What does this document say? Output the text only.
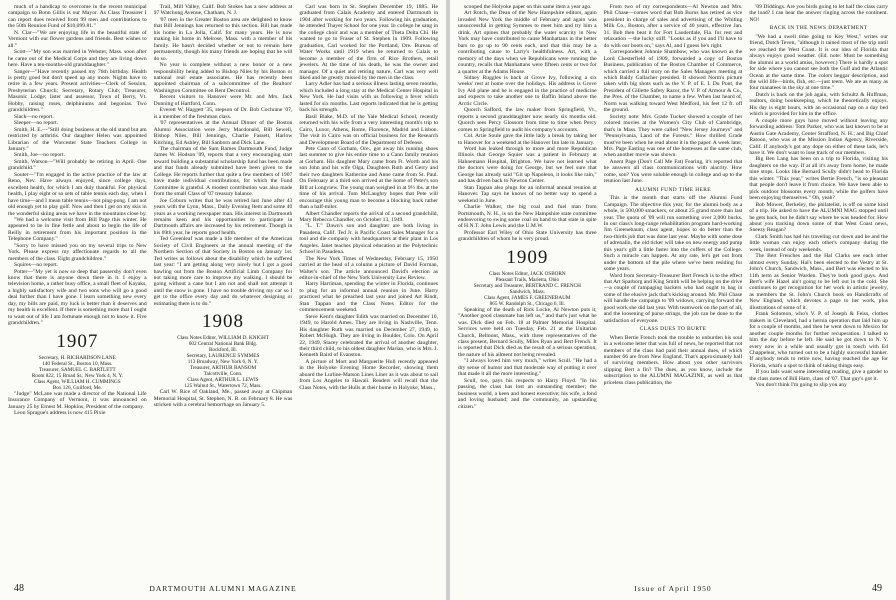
much of a handicap to overcome in the recent municipal campaign so Bonn Gillis is our Mayor. As Class Treasurer I can report dues received from 99 men and contributions to the 50th Reunion Fund of $10,099.81."

N. Clar—"We are enjoying life in the beautiful state of Vermont with our flower gardens and friends. Best wishes to all."

Scott—"My son was married in Webster, Mass. soon after he came out of the Medical Corps and they are living down here. Have a ten-months-old granddaughter."

Sanger—"Have recently passed my 76th birthday. Health is pretty good but don't speed up any more. Nights have to retire in a few years. Present activities—Clerk of Session, Presbyterian Church; Secretary, Rotary Club; Treasurer, Masonic Lodge; lister and assessor, Town of Berry, Vt. Hobby, raising roses, delphiniums and begonias. Two grandchildren."

Slack—no report.

Sleeper—no report.

Smith, H. E.—"Still doing business at the old stand but am restricted by arthritis. Our daughter Helen was appointed Librarian of the Worcester State Teachers College in January."

Smith, Joe—no report.

Smith, Watson—"Will probably be retiring in April. One grandchild."

Souter—"I'm engaged in the active practice of the law at Reno, Nev. Have always enjoyed, since college days, excellent health, for which I am duly thankful. For physical health, I play eight or so sets of table tennis each day, when I have time—and I mean table tennis—not ping-pong. I am not old enough yet to play golf. Now and then I get on my skis in the wonderful skiing areas we have in the mountains close by.

"We had a welcome visit from Bill Page this winter. He appeared to be in fine fettle and about to begin the life of Reilly in retirement from his important position in the Telephone Company."

"Sorry to have missed you on my several trips to New York. Please express my affectionate regards to all the members of the class. Eight grandchildren."

Squires—no report.

Potter—"My yet is now so deep that passersby don't even know that there is anyone down there in it. I enjoy a television home, a rather busy office, a small fleet of Kayaks, a highly satisfactory wife and two sons who will go a good deal further than I have gone. I learn something new every day, my bills are paid, my luck is better than it deserves and my health is excellent. If there is something more that I ought to want out of life I am fortunate enough not to know it. Five grandchildren."

1907

Secretary, H. RICHARDSON LANE

140 Federal St., Boston 10, Mass.

Treasurer, SAMUEL C. BARTLETT

Room 822, 15 Broad St., New York 4, N. Y.

Class Agent, WILLIAM H. CUMMINGS

Box 126, Guilford, Me.

"Judge" McLane was made a director of the National Life Insurance Company of Vermont, it was announced on January 25 by Ernest M. Hopkins, President of the company.

Leon Sprague's address is now 415 Pixie

Trail, Mill Valley, Calif. Bob Stokes has a new address at 97 Watchung Avenue, Chatham, N. J.

'07 men in the Greater Boston area are delighted to know that Bill Jennings has returned to this section. Bill has made his home in La Jolla, Calif. for many years. He is now making his home in Melrose, Mass. with a member of his family. He hasn't decided whether or not to remain here permanently, though his many friends are hoping that he will do so.

No year is complete without a new honor or a new responsibility being added to Bishop Niles by his Boston or national real estate associates. He has recently been appointed chairman of a subcommittee of the Realtors' Washington Committee on Rent Decontrol.

Recent visitors to Hanover were Mr. and Mrs. Jack Dunning of Hartford, Conn.

Everett W. Haggett '35, stepson of Dr. Bob Cochrane '07, is a member of the freshman class.

'07 representatives at the Annual Dinner of the Boston Alumni Association were Jerry Macdonald, Bill Sewell, Bishop Niles, Bill Jennings, Charlie Fassett, Harlow Kitching, Ed Ashley, Bill Sanborn and Dick Lane.

The chairman of the Sam Barnes Dartmouth Fund, Judge James W. Hodson '09, reports that a very encouraging start toward building a substantial scholarship fund has been made and that funds already submitted have been given to the College. He reports further that quite a few members of 1907 have made individual contributions, for which the Fund Committee is grateful. A modest contribution was also made from the small Class of '07 treasury balance.

Joe Coburn writes that he was retired last June after 43 years with the Lynn, Mass., Daily Evening Item and some 40 years as a working newspaper man. His interest in Dartmouth remains keen and his opportunities to participate in Dartmouth affairs are increased by his retirement. Though in his 69th year, he reports good health.

Ted Greenleaf was made a life member of the American Society of Civil Engineers at the annual meeting of the Northern Section of that Society in Boston on January 1st. Ted writes as follows about the disability which he suffered last year: "I am getting along very nicely but I got a good bawling out from the Boston Artificial Limb Company for not taking more care to improve my walking. I should be going without a cane but I am not and shall not attempt it until the snow is gone. I have no trouble driving my car so I get to the office every day and do whatever designing or estimating there is to do."

1908

Class Notes Editor, WILLIAM D. KNIGHT

602 Central National Bank Bldg.

Rockford, Ill.

Secretary, LAURENCE SYMMES

113 Broadway, New York 6, N. Y.

Treasurer, ARTHUR RANSOM

Talcottville, Conn.

Class Agent, ARTHUR L. LEWIS

125 Walnut St., Watertown 72, Mass.

Carl W. Rice of Oakland, Me., passed away at Chipman Memorial Hospital, St. Stephen, N. B. on February 8. He was stricken with a cerebral hemorrhage on January 5.

Carl was born in St. Stephen December 19, 1885. He graduated from Calais Academy and entered Dartmouth in 1904 after working for two years. Following his graduation, he attended Thayer School for one year. In college he sang in the college choir and was a member of Theta Delta Chi. He wanted to go to Fraser of St. Stephen in 1909. Following graduation, Carl worked for the Portland, Ore. Bureau of Water Works until 1919 when he returned to Calais to become a member of the firm of Rice Brothers, retail jewelers. At the time of his death, he was the owner and manager. Of a quiet and retiring nature, Carl was very well liked and he greatly missed by the men in the class.

Larry Adler has had a serious illness lasting seven months, which included a long stay at the Medical Center Hospital in New York. He had visits with us following a fever which lasted for six months. Last reports indicated that he is getting back his strength.

Basil Blake, M.D. of the Yale Medical School, recently returned with his wife from a very interesting month's trip to Cairo, Luxor, Athens, Rome, Florence, Madrid and Lisbon. The visit in Cairo was on official business for the Research and Development Board of the Department of Defense.

Pete Cann of Gorham, Ore., got away his running shoes last summer to give his entire time to a Cann family reunion at Gorham. His daughter Mary came from Ft. Worth and his son John and his wife Olga, Daughters Ruth and Gerry and their two daughters Katherine and Anne came from St. Paul. On February at a third son arrived at the home of Peter's son Bill at Longview. The young man weighed in at 9½ lbs. at the time of his arrival. Tom McLaughry hopes that Pete will encourage this young man to become a blocking back rather than a half-miler.

Albert Chandler reports the arrival of a second grandchild, Mary Rebecca Chandler, on October 13, 1949.

"L. T." Dawn's son and daughter are both living in Pasadena, Calif. Ted Jr. is Pacific Coast Sales Manager for a tool and die company with headquarters at their plant in Los Angeles. Janet teaches physical education at the Polytechnic School in Pasadena.

The New York Times of Wednesday, February 15, 1950 carried at the head of a column a picture of David Forman, Walter's son. The article announced David's election as editor-in-chief of the New York University Law Review.

Harry Harriman, spending the winter in Florida, continues to plug for an informal annual reunion in June. Harry practiced what he preached last year and joined Art Rindt, Stan Tappan and the Class Notes Editor for the commencement weekend.

Steve Kent's daughter Edith was married on December 10, 1949, to Harold Ames. They are living in Nashville, Tenn. His daughter Ruth was married on December 27, 1949, to Robert McHugh. They are living in Boulder, Colo. On April 22, 1949, Stacey celebrated the arrival of another daughter, their third child, to his oldest daughter Marian, who is Mrs. J. Kenneth Baird of Evanston.

A picture of Mort and Marguerite Hull recently appeared in the Holyoke Evening Home Recorder, showing them aboard the Lurline-Matson Lines Liner as it was about to sail from Los Angeles to Hawaii. Readers will recall that the Class Notes, with the Hulls at their home in Holyoke, Mass.,

48	DARTMOUTH ALUMNI MAGAZINE

scooped the Holyoke paper on this same item a year ago.

Art Rotch, the Dean of the New Hampshire editors, again invaded New York the middle of February and again was unsuccessful in getting Symmes to meet him and try him a drink. Art opines that probably the water scarcity in New York may have contributed to cause Manhattans in the better bars to go up to 90 cents each, and that this may be a contributing cause to Larry's healthfulness. Art, with a memory of the days when we Republicans were running the country, recalls that Manhattans were fifteen cents or two for a quarter at the Adams House.

Sidney Ruggles is back at Grove Ivy, following a six weeks' rest at home over the holidays. His address is Grove Ivy Aid plane and he is engaged in the practice of medicine and expects to take another one to Baffin Island above the Arctic Circle.

Quorch Safford, the law maker from Springfield, Vt., reports a second granddaughter now nearly six months old. Quorch sees Percy Glossom from time to time when Percy comes to Springfield to audit his company's accounts.

Col. Artie Soule gave the little lady a break by taking her to Hanover for a weekend at the Hanover Inn late in January.

Word has leaked through to more and more Republican Illinois that George Squier was a patient in February at Hahnemann Hospital, Brighton. We have not learned what the doctors were doing for George, but we feel sure that George has already said "Git up Napoleon, it looks like rain," and has driven back to Newton Center.

Stan Tappan also plugs for an informal annual reunion at Hanover. Tap says he knows of no better way to spend a weekend in June.

Charlie Walker, the big coal and fuel man from Portsmouth, N. H., is on the New Hampshire state committee endeavoring to swing some coal on hand to that state in spite of H.N.T. John Lewis and the U.M.W.

Professor Earl Wiley of Ohio State University has three grandchildren of whom he is very proud.

1909

Class Notes Editor, JACK OSBORN

Pleasant Trails, Marietta, Ohio

Secretary and Treasurer, BERTRAND C. FRENCH

Sandwich, Mass.

Class Agent, JAMES F. GREENEBAUM

865 W. Randolph St., Chicago 6, Ill.

Speaking of the death of Rick Locke, Al Newton puts it, "Another good classmate has left us," and that's just what he was. Dick died on Feb. 18 at Palmer Memorial Hospital. Services were held on Tuesday, Feb. 21 at the Unitarian Church, Belmont, Mass., with three representatives of the class present, Bernard Scully, Miles Ryan and Bert French. It is reported that Dick died as the result of a serious operation, the nature of his ailment not being revealed.

"I always loved him very much," writes Scull. "He had a dry sense of humor and that moderate way of putting it over that made it all the more interesting."

Scull, too, pays his respects to Harry Floyd. "In his passing, the class has lost an outstanding member; the business world, a keen and honest executive; his wife, a fond and loving husband; and the community, an upstanding citizen."

From two of my correspondents—Al Newton and Mrs. Phil Chase—comes word that Bob Burns has retired as vice president in charge of sales and advertising of the Whiting Milk Co., Boston, after a service of 40 years, effective Jan. 31. Bob then beat it for Fort Lauderdale, Fla. for rest and relaxation —the lucky stiff. "Looks as if you and I'll have to do with our boots on," says Al, and I guess he's right.

Correspondent Johnnie Shambow, who was known as the Lord Chesterfield of 1909, forwarded a copy of Boston Business, publication of the Boston Chamber of Commerce, which carried a full story on the Sales Managers meeting at which Baldy Gallacher presided. It showed Norm's picture taken with big shots such as the V. P. of E. I. Du Pont, the President of Gillette Safety Razor, the V. P. of Armour & Co., the Pres. of the Chamber, to name a few. When last heard of, Norm was walking toward West Medford, his feet 12 ft. off the ground.

Society note: Mrs. Grade Tucker showed a couple of her colored movies at the Women's City Club of Cambridge, that's in Mass. They were called "New Jersey Journeys" and "Pennsylvania, Land of the Forests." How thrilled Grade must've been when he read about it in the paper. A week later, Mrs. Page Easting was one of the hostesses at the same club, when another movie was shown.

Anent Page (Don't Call Me Fat) Fearing, it's reported that he answers all class communications with alacrity. How come, son? You were soluble enough in college and up to the reunion last June.

ALUMNI FUND TIME HERE

This is the month that starts off the Alumni Fund Campaign. The objective this year, for the alumni body as a whole, is 500,000 smackers, or about 25 grand more than last year. The quota of '09 will run something over 2,000 bucks. In our class's long-range rehabilitation program hard-working Jim Greenebaum, class agent, hopes to do better than the two-thirds job that was done last year. Maybe with some dose of adrenalin, the old ticker will take on new energy and pump this year's gift a little faster into the coffers of the College. Such a miracle can happen. At any rate, let's get out from under the bottom of the pile where we've been residing for some years.

Word from Secretary-Treasurer Bert French is to the effect that Art Sparborg and King Smith will be helping on the drive—a couple of rampaging backers who had ought to bag in some of the elusive jack that's kicking around. Mr. Phil Chase will handle the campaign to '09 widows, carrying forward the good work she did last year. With teamwork on the part of all, and the loosening of purse strings, the job can be done to the satisfaction of everyone.

CLASS DUES TO BURTE

When Bertie French took the trouble to unburden his soul in a welcome letter that was full of news, he reported that not members of the class had paid their annual dues, of which number 66 are from New England. That's approximately half of surviving members. How about you other survivors slipping Bert a fin? The dues, as you know, include the subscription to the ALUMNI MAGAZINE, as well as that priceless class publication, the

'09 Diddings. Are you birds going to let half the class carry the load? I can hear the answer ringing across the continent. NO!

BACK IN THE NEWS DEPARTMENT

"We had a swell time going to Key West," writes our friend, Dutch Teven, "although it rained most of the trip until we reached the West Coast. It is our idea of Florida that always enjoys good weather. (Ed. note: Must be something the alumni as a world amiss, however.) There is hardly a spot for side where you cannot see both the Gulf and the Atlantic Ocean at the same time. The colors beggar description, and the wild life—birds, fish, etc.—just teem. We ate as many as four manatees in the sky at one time."

Dutch is back on the job again, with Schultz & Huffman, realtors, doing bookkeeping, which he theoretically enjoys. His day is eight hours, with an occasional nap on a day bed which is provided for him in the office.

A couple more guys have moved without leaving any forwarding address: Tom Parker, who was last known to be at Austin Gate Academy, Center Strafford, N. H.; and Big Chief Ratoon, who was at the Mission Indian Agency, Riverside, Calif. If anybody's got any dope on either of these lads, let's have it. We don't want to lose track of our members.

Big Ben Lang has been on a trip to Florida, visiting his daughters on the way. If at all it's away from home, he made nine stops. Looks like Bernard Scully didn't head to Florida this winter. "This year," writes Bertie French, "is so pleasant that people don't leave it from choice. We have been able to pick outdoor blossoms every month, while the golfers have been enjoying themselves." Oh, yeah?

Bob Mower, Berkeley, the philatelist, is off on some kind of a trip. He asked to have the ALUMNI MAG stopped until he gets back, but he didn't say where he was headed for. How about you tracking down some of that West Coast news, Sneezy Reagan?

Clark Smith has had his traveling cut down and he and the little woman can enjoy each other's company during the week, instead of only weekends.

The Bert Frenches and the Hal Clarks see each other almost every Sunday. Hal's been elected to the Vestry at St. John's Church, Sandwich, Mass., and Bert was elected to his 11th term as Senior Warden. They're both good guys. And Bert's wife Hazel ain't going to be left out in the cold. She continues to get recognition for her work in artistic jewelry, as members the St. John's Church book on Handicrafts of New England, which devotes a page to her work, plus illustrations of some of it.

Frank Solomon, who's V. P. of Joseph & Feiss, clothes makers in Cleveland, had a hernia operation that laid him up for a couple of months, and then he went down to Mexico for another couple months for further recuperation. I talked to him the day before he left. He said he got down to N. Y. every now in a while and usually got in touch with Ed Chappelear, who turned out to be a highly successful banker. If anybody tends to retire now, having reached the age for Florida, what's a spot to think of taking things easy.

If you lads want some interesting reading, give a gander to the class notes of Bill Ham, class of '07. That guy's got it.

You don't think I'm going to slip you any

Issue of April 1950	49
